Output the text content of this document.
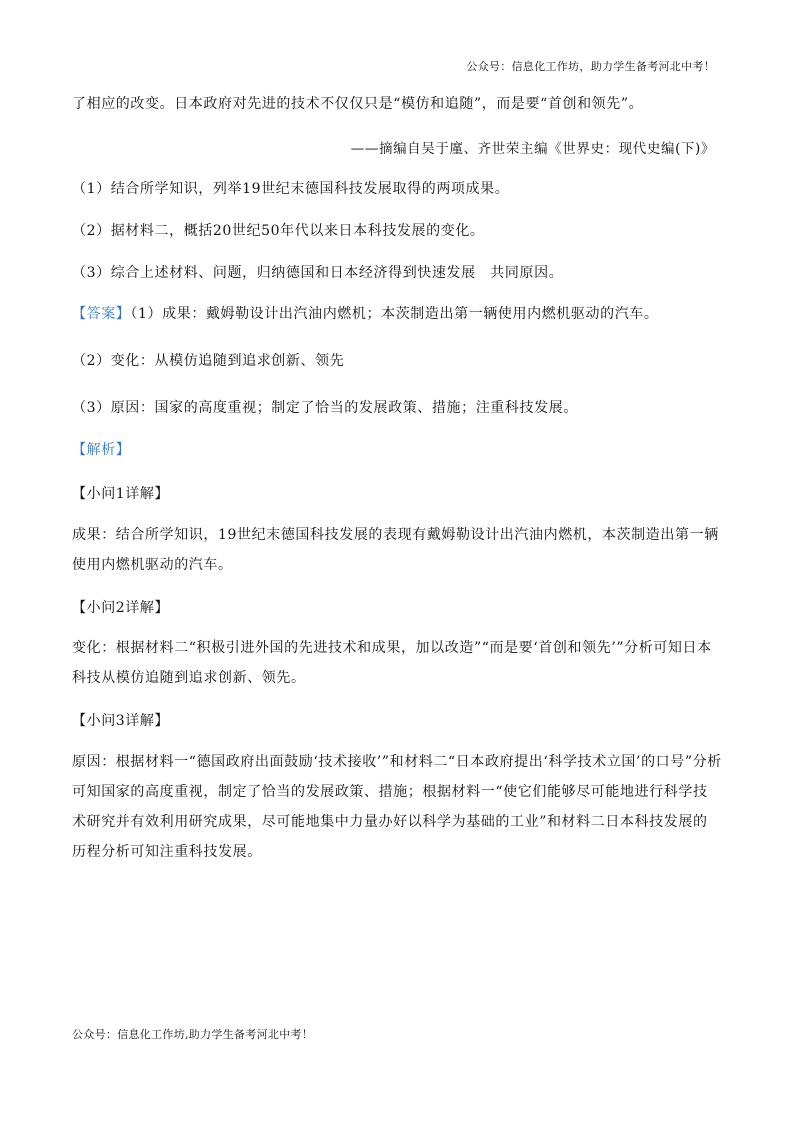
公众号：信息化工作坊，助力学生备考河北中考！
了相应的改变。日本政府对先进的技术不仅仅只是“模仿和追随”，而是要“首创和领先”。
——摘编自吴于廑、齐世荣主编《世界史：现代史编(下)》
（1）结合所学知识，列举19世纪末德国科技发展取得的两项成果。
（2）据材料二，概括20世纪50年代以来日本科技发展的变化。
（3）综合上述材料、问题，归纳德国和日本经济得到快速发展　共同原因。
【答案】（1）成果：戴姆勒设计出汽油内燃机；本茨制造出第一辆使用内燃机驱动的汽车。
（2）变化：从模仿追随到追求创新、领先
（3）原因：国家的高度重视；制定了恰当的发展政策、措施；注重科技发展。
【解析】
【小问1详解】
成果：结合所学知识，19世纪末德国科技发展的表现有戴姆勒设计出汽油内燃机，本茨制造出第一辆使用内燃机驱动的汽车。
【小问2详解】
变化：根据材料二“积极引进外国的先进技术和成果，加以改造”“而是要‘首创和领先’”分析可知日本科技从模仿追随到追求创新、领先。
【小问3详解】
原因：根据材料一“德国政府出面鼓励‘技术接收’”和材料二“日本政府提出‘科学技术立国’的口号”分析可知国家的高度重视，制定了恰当的发展政策、措施；根据材料一“使它们能够尽可能地进行科学技术研究并有效利用研究成果，尽可能地集中力量办好以科学为基础的工业”和材料二日本科技发展的历程分析可知注重科技发展。
公众号：信息化工作坊,助力学生备考河北中考！
